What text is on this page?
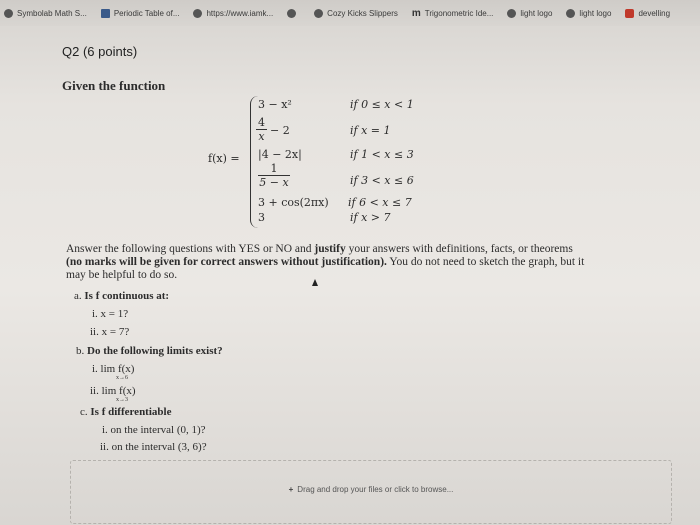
Symbolab Math S...	Periodic Table of...	https://www.iamk...	Cozy Kicks Slippers m Trigonometric Ide...	light logo	light logo	develling
Q2 (6 points)
Given the function
f(x) =
3 − x²	if 0 ≤ x < 1
$\frac{4}{x} - 2$	if x = 1
|4 − 2x|	if 1 < x ≤ 3
$\frac{1}{5 - x}$	if 3 < x ≤ 6
3 + cos(2πx) if 6 < x ≤ 7
3	if x > 7
Answer the following questions with YES or NO and justify your answers with definitions, facts, or theorems (no marks will be given for correct answers without justification). You do not need to sketch the graph, but it may be helpful to do so.
a. Is f continuous at:
i. x = 1?
ii. x = 7?
b. Do the following limits exist?
i. lim f(x)
x→6
ii. lim f(x)
x→3
c. Is f differentiable
i. on the interval (0, 1)?
ii. on the interval (3, 6)?
+ Drag and drop your files or click to browse...
